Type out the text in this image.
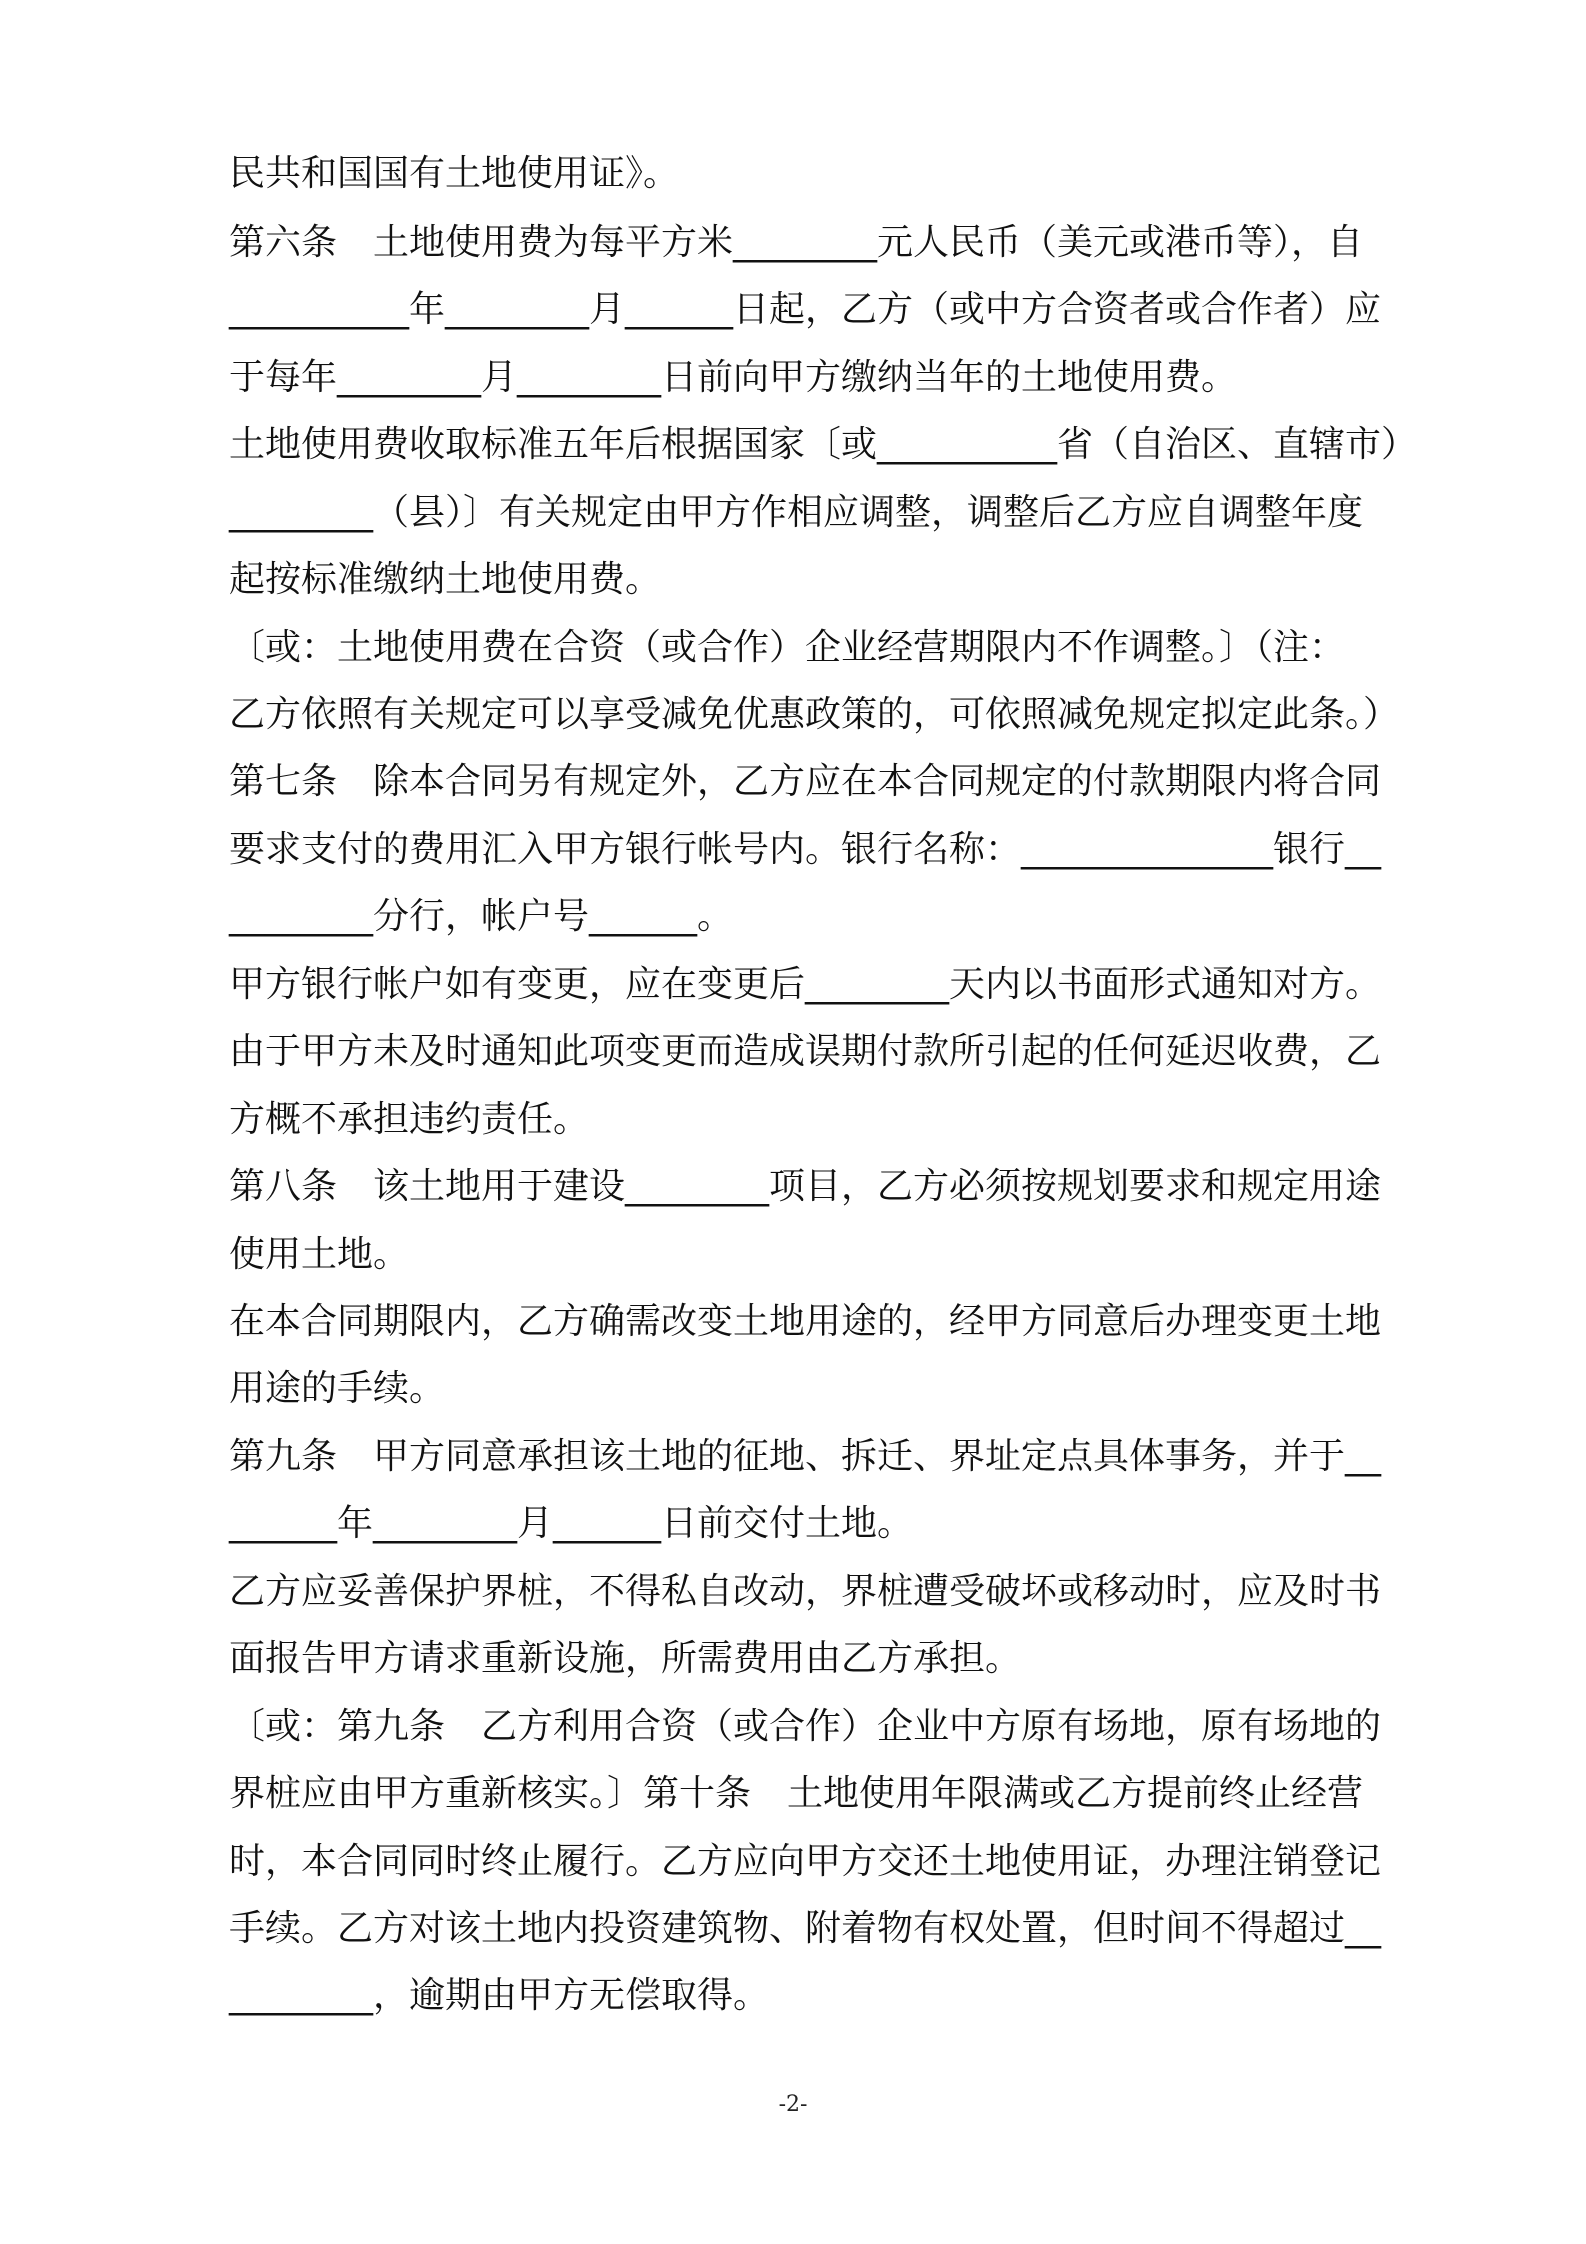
民共和国国有土地使用证》。
第六条　土地使用费为每平方米________元人民币（美元或港币等），自
__________年________月______日起，乙方（或中方合资者或合作者）应
于每年________月________日前向甲方缴纳当年的土地使用费。
土地使用费收取标准五年后根据国家〔或__________省（自治区、直辖市）
________（县）〕有关规定由甲方作相应调整，调整后乙方应自调整年度
起按标准缴纳土地使用费。
〔或：土地使用费在合资（或合作）企业经营期限内不作调整。〕（注：
乙方依照有关规定可以享受减免优惠政策的，可依照减免规定拟定此条。）
第七条　除本合同另有规定外，乙方应在本合同规定的付款期限内将合同
要求支付的费用汇入甲方银行帐号内。银行名称：______________银行__
________分行，帐户号______。
甲方银行帐户如有变更，应在变更后________天内以书面形式通知对方。
由于甲方未及时通知此项变更而造成误期付款所引起的任何延迟收费，乙
方概不承担违约责任。
第八条　该土地用于建设________项目，乙方必须按规划要求和规定用途
使用土地。
在本合同期限内，乙方确需改变土地用途的，经甲方同意后办理变更土地
用途的手续。
第九条　甲方同意承担该土地的征地、拆迁、界址定点具体事务，并于__
______年________月______日前交付土地。
乙方应妥善保护界桩，不得私自改动，界桩遭受破坏或移动时，应及时书
面报告甲方请求重新设施，所需费用由乙方承担。
〔或：第九条　乙方利用合资（或合作）企业中方原有场地，原有场地的
界桩应由甲方重新核实。〕第十条　土地使用年限满或乙方提前终止经营
时，本合同同时终止履行。乙方应向甲方交还土地使用证，办理注销登记
手续。乙方对该土地内投资建筑物、附着物有权处置，但时间不得超过__
________，逾期由甲方无偿取得。
-2-
